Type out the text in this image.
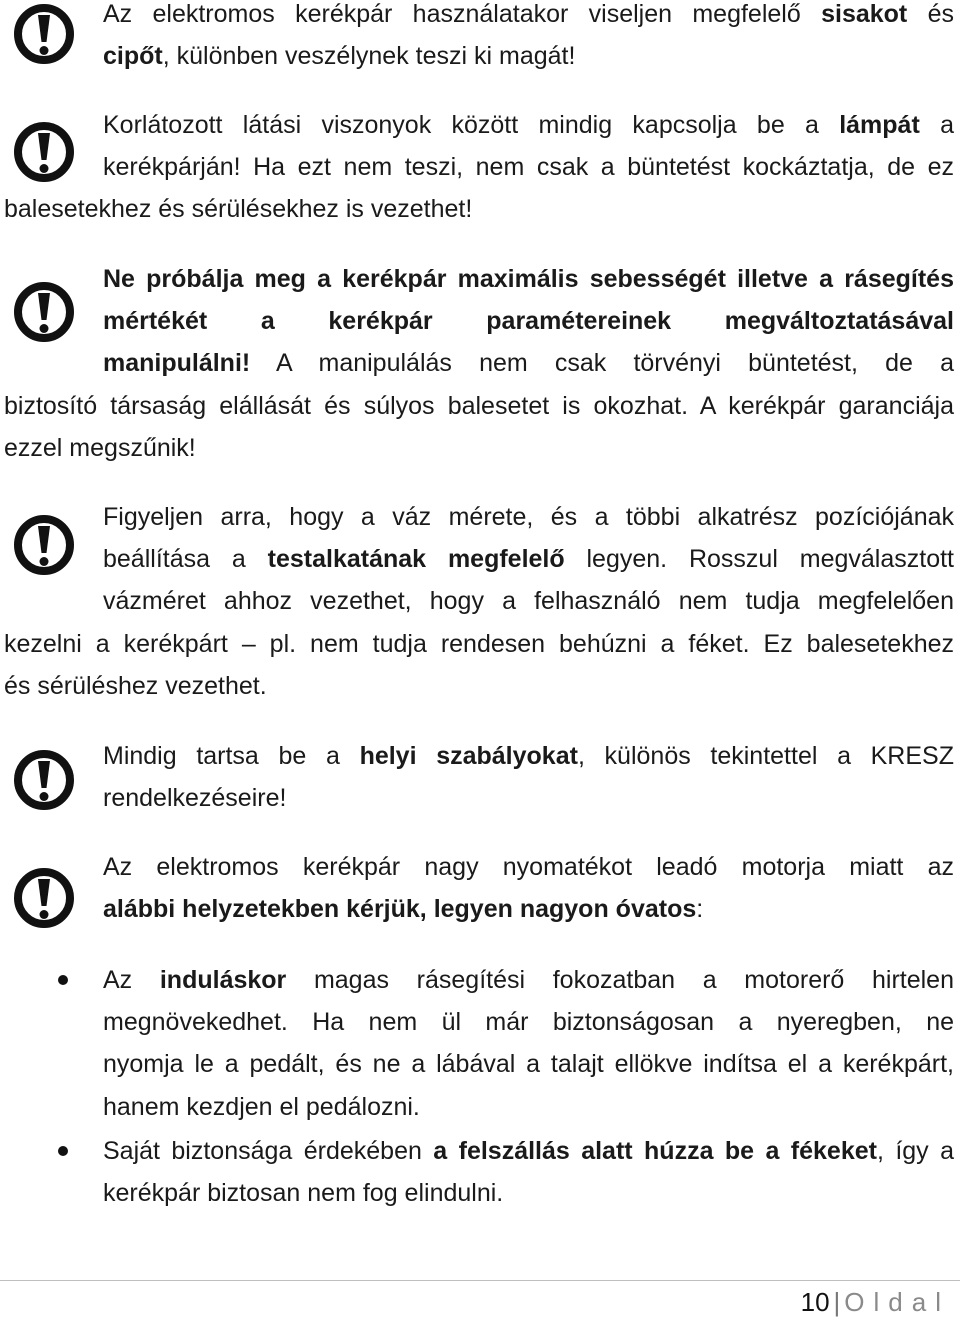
Az elektromos kerékpár használatakor viseljen megfelelő sisakot és
cipőt, különben veszélynek teszi ki magát!
Korlátozott látási viszonyok között mindig kapcsolja be a lámpát a
kerékpárján! Ha ezt nem teszi, nem csak a büntetést kockáztatja, de ez
balesetekhez és sérülésekhez is vezethet!
Ne próbálja meg a kerékpár maximális sebességét illetve a rásegítés
mértékét a kerékpár paramétereinek megváltoztatásával
manipulálni! A manipulálás nem csak törvényi büntetést, de a
biztosító társaság elállását és súlyos balesetet is okozhat. A kerékpár garanciája
ezzel megszűnik!
Figyeljen arra, hogy a váz mérete, és a többi alkatrész pozíciójának
beállítása a testalkatának megfelelő legyen. Rosszul megválasztott
vázméret ahhoz vezethet, hogy a felhasználó nem tudja megfelelően
kezelni a kerékpárt – pl. nem tudja rendesen behúzni a féket. Ez balesetekhez
és sérüléshez vezethet.
Mindig tartsa be a helyi szabályokat, különös tekintettel a KRESZ
rendelkezéseire!
Az elektromos kerékpár nagy nyomatékot leadó motorja miatt az
alábbi helyzetekben kérjük, legyen nagyon óvatos:
Az induláskor magas rásegítési fokozatban a motorerő hirtelen
megnövekedhet. Ha nem ül már biztonságosan a nyeregben, ne
nyomja le a pedált, és ne a lábával a talajt ellökve indítsa el a kerékpárt,
hanem kezdjen el pedálozni.
Saját biztonsága érdekében a felszállás alatt húzza be a fékeket, így a
kerékpár biztosan nem fog elindulni.
10 | Oldal
